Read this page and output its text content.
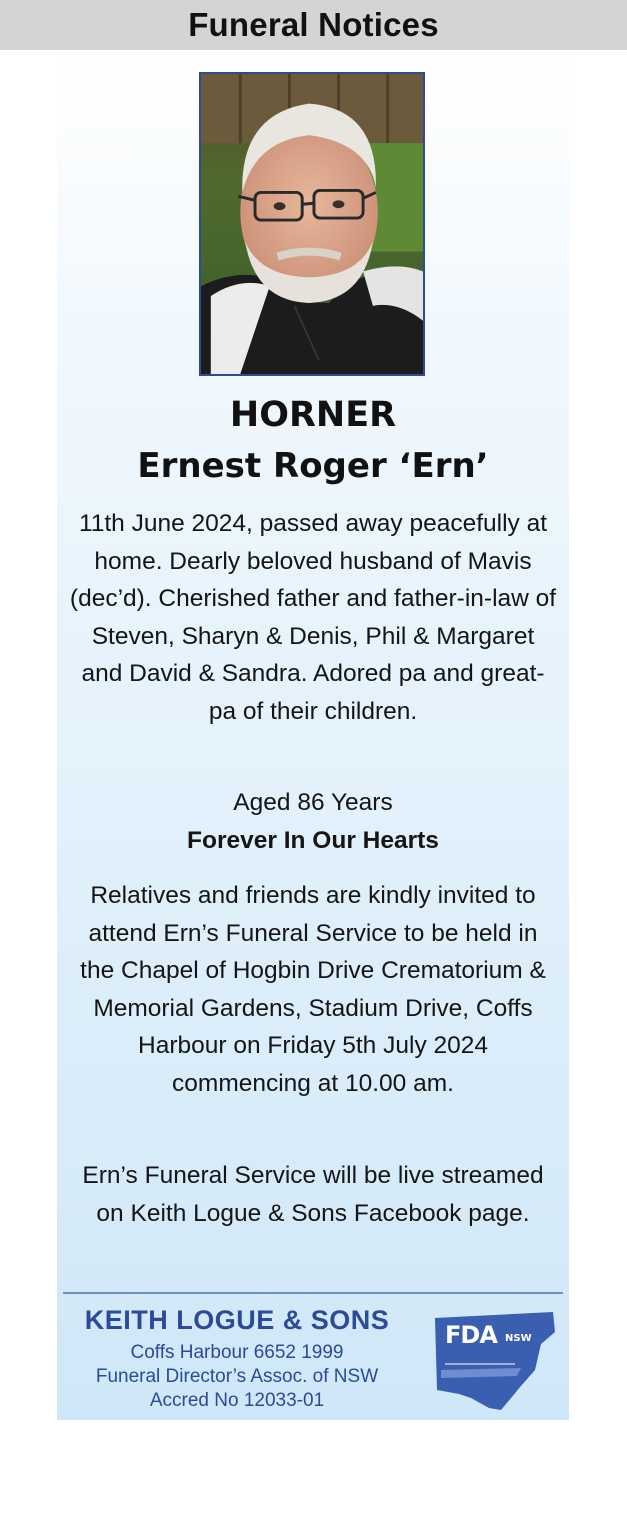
Funeral Notices
HORNER
Ernest Roger ‘Ern’
11th June 2024, passed away peacefully at home. Dearly beloved husband of Mavis (dec’d). Cherished father and father-in-law of Steven, Sharyn & Denis, Phil & Margaret and David & Sandra. Adored pa and great-pa of their children.
Aged 86 Years
Forever In Our Hearts
Relatives and friends are kindly invited to attend Ern’s Funeral Service to be held in the Chapel of Hogbin Drive Crematorium & Memorial Gardens, Stadium Drive, Coffs Harbour on Friday 5th July 2024 commencing at 10.00 am.
Ern’s Funeral Service will be live streamed on Keith Logue & Sons Facebook page.
KEITH LOGUE & SONS
Coffs Harbour 6652 1999
Funeral Director’s Assoc. of NSW
Accred No 12033-01
FDA NSW
